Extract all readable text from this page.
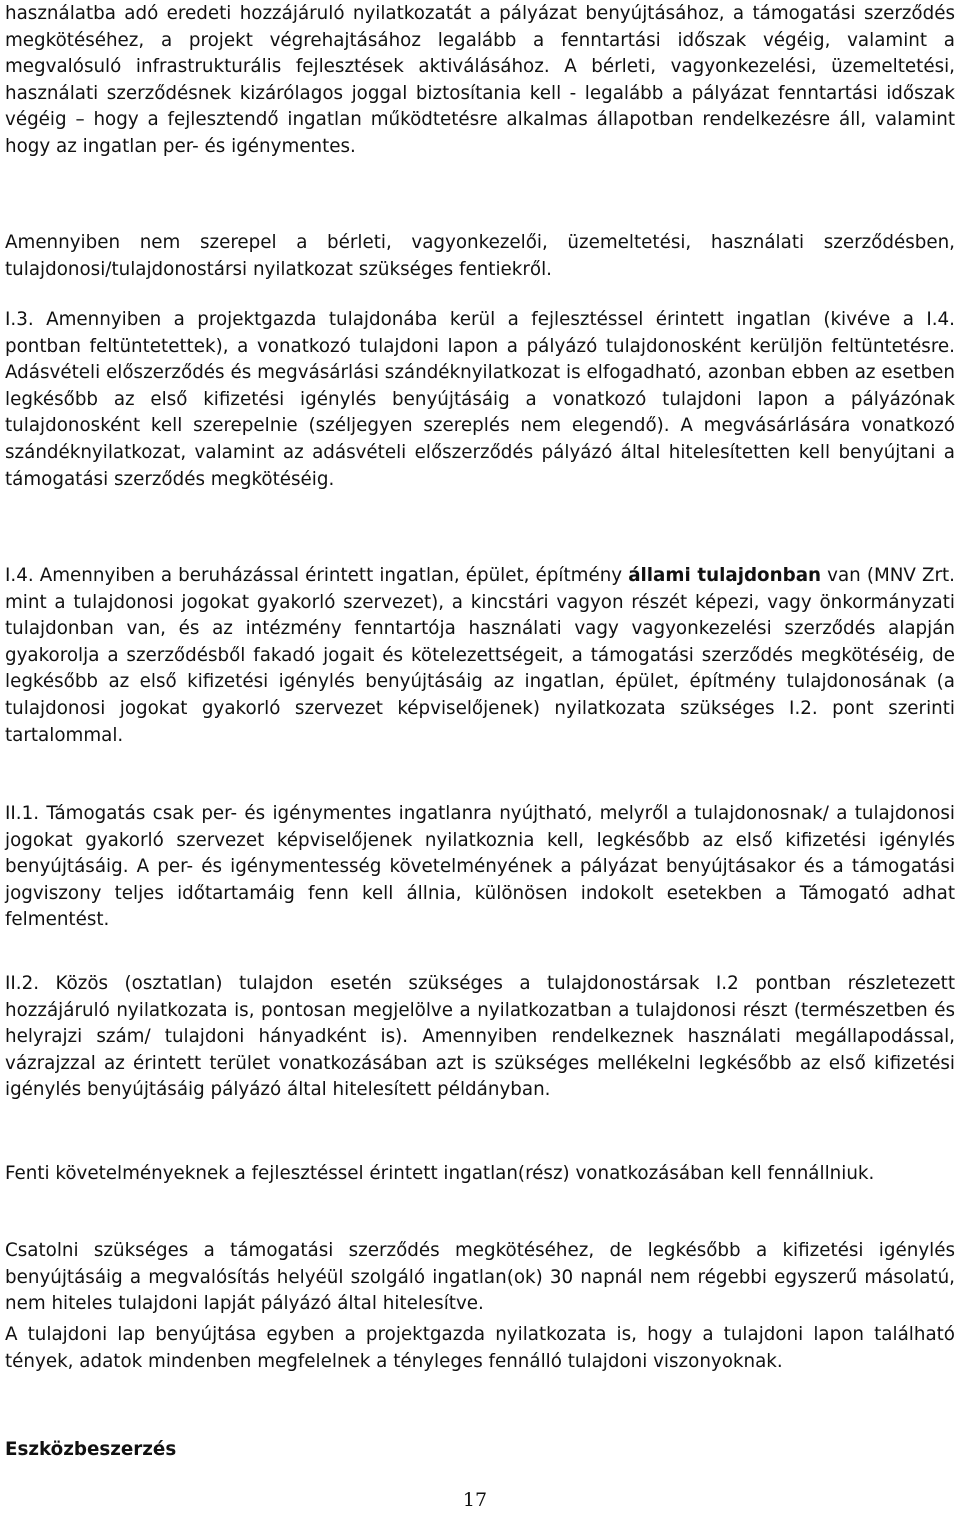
használatba adó eredeti hozzájáruló nyilatkozatát a pályázat benyújtásához, a támogatási szerződés megkötéséhez, a projekt végrehajtásához legalább a fenntartási időszak végéig, valamint a megvalósuló infrastrukturális fejlesztések aktiválásához. A bérleti, vagyonkezelési, üzemeltetési, használati szerződésnek kizárólagos joggal biztosítania kell - legalább a pályázat fenntartási időszak végéig – hogy a fejlesztendő ingatlan működtetésre alkalmas állapotban rendelkezésre áll, valamint hogy az ingatlan per- és igénymentes.

Amennyiben nem szerepel a bérleti, vagyonkezelői, üzemeltetési, használati szerződésben, tulajdonosi/tulajdonostársi nyilatkozat szükséges fentiekről.

I.3. Amennyiben a projektgazda tulajdonába kerül a fejlesztéssel érintett ingatlan (kivéve a I.4. pontban feltüntetettek), a vonatkozó tulajdoni lapon a pályázó tulajdonosként kerüljön feltüntetésre. Adásvételi előszerződés és megvásárlási szándéknyilatkozat is elfogadható, azonban ebben az esetben legkésőbb az első kifizetési igénylés benyújtásáig a vonatkozó tulajdoni lapon a pályázónak tulajdonosként kell szerepelnie (széljegyen szereplés nem elegendő). A megvásárlására vonatkozó szándéknyilatkozat, valamint az adásvételi előszerződés pályázó által hitelesítetten kell benyújtani a támogatási szerződés megkötéséig.

I.4. Amennyiben a beruházással érintett ingatlan, épület, építmény állami tulajdonban van (MNV Zrt. mint a tulajdonosi jogokat gyakorló szervezet), a kincstári vagyon részét képezi, vagy önkormányzati tulajdonban van, és az intézmény fenntartója használati vagy vagyonkezelési szerződés alapján gyakorolja a szerződésből fakadó jogait és kötelezettségeit, a támogatási szerződés megkötéséig, de legkésőbb az első kifizetési igénylés benyújtásáig az ingatlan, épület, építmény tulajdonosának (a tulajdonosi jogokat gyakorló szervezet képviselőjenek) nyilatkozata szükséges I.2. pont szerinti tartalommal.

II.1. Támogatás csak per- és igénymentes ingatlanra nyújtható, melyről a tulajdonosnak/ a tulajdonosi jogokat gyakorló szervezet képviselőjenek nyilatkoznia kell, legkésőbb az első kifizetési igénylés benyújtásáig. A per- és igénymentesség követelményének a pályázat benyújtásakor és a támogatási jogviszony teljes időtartamáig fenn kell állnia, különösen indokolt esetekben a Támogató adhat felmentést.

II.2. Közös (osztatlan) tulajdon esetén szükséges a tulajdonostársak I.2 pontban részletezett hozzájáruló nyilatkozata is, pontosan megjelölve a nyilatkozatban a tulajdonosi részt (természetben és helyrajzi szám/ tulajdoni hányadként is). Amennyiben rendelkeznek használati megállapodással, vázrajzzal az érintett terület vonatkozásában azt is szükséges mellékelni legkésőbb az első kifizetési igénylés benyújtásáig pályázó által hitelesített példányban.

Fenti követelményeknek a fejlesztéssel érintett ingatlan(rész) vonatkozásában kell fennállniuk.

Csatolni szükséges a támogatási szerződés megkötéséhez, de legkésőbb a kifizetési igénylés benyújtásáig a megvalósítás helyéül szolgáló ingatlan(ok) 30 napnál nem régebbi egyszerű másolatú, nem hiteles tulajdoni lapját pályázó által hitelesítve.

A tulajdoni lap benyújtása egyben a projektgazda nyilatkozata is, hogy a tulajdoni lapon található tények, adatok mindenben megfelelnek a tényleges fennálló tulajdoni viszonyoknak.

Eszközbeszerzés

17
